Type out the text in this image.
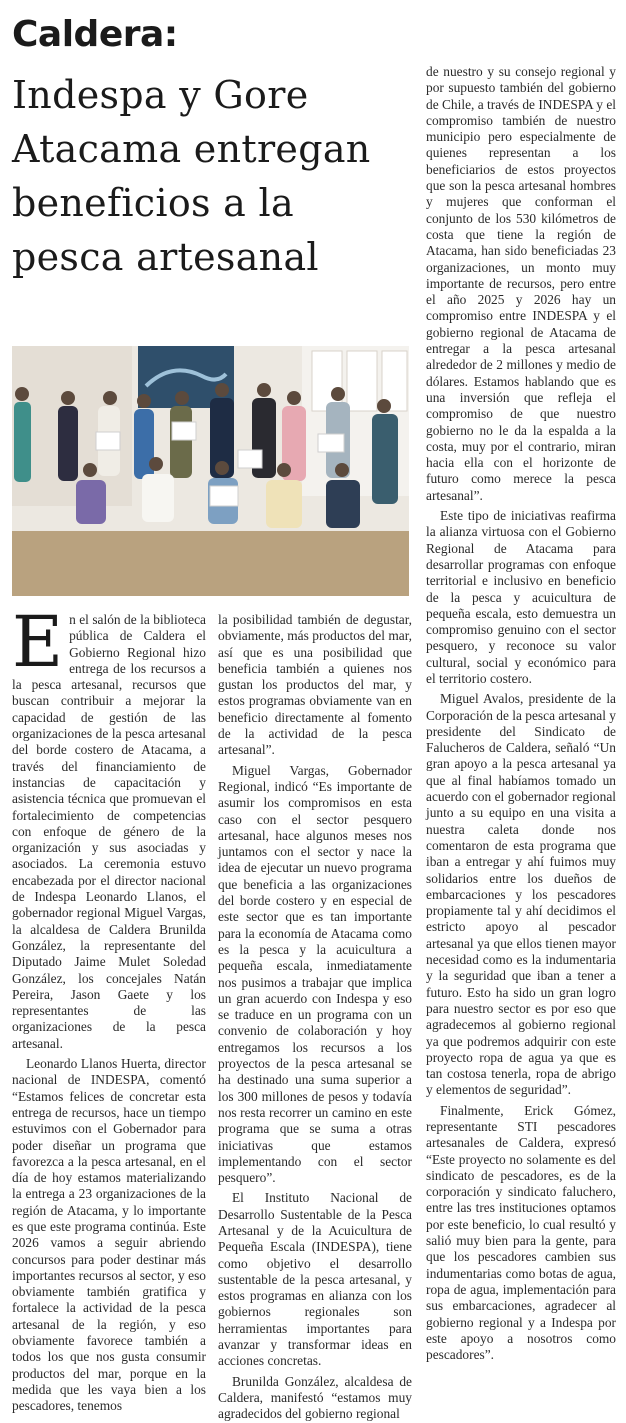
Caldera:
Indespa y Gore Atacama entregan beneficios a la pesca artesanal

de nuestro y su consejo regional y por supuesto también del gobierno de Chile, a través de INDESPA y el compromiso también de nuestro municipio pero especialmente de quienes representan a los beneficiarios de estos proyectos que son la pesca artesanal hombres y mujeres que conforman el conjunto de los 530 kilómetros de costa que tiene la región de Atacama, han sido beneficiadas 23 organizaciones, un monto muy importante de recursos, pero entre el año 2025 y 2026 hay un compromiso entre INDESPA y el gobierno regional de Atacama de entregar a la pesca artesanal alrededor de 2 millones y medio de dólares. Estamos hablando que es una inversión que refleja el compromiso de que nuestro gobierno no le da la espalda a la costa, muy por el contrario, miran hacia ella con el horizonte de futuro como merece la pesca artesanal”.

Este tipo de iniciativas reafirma la alianza virtuosa con el Gobierno Regional de Atacama para desarrollar programas con enfoque territorial e inclusivo en beneficio de la pesca y acuicultura de pequeña escala, esto demuestra un compromiso genuino con el sector pesquero, y reconoce su valor cultural, social y económico para el territorio costero.

Miguel Avalos, presidente de la Corporación de la pesca artesanal y presidente del Sindicato de Falucheros de Caldera, señaló “Un gran apoyo a la pesca artesanal ya que al final habíamos tomado un acuerdo con el gobernador regional junto a su equipo en una visita a nuestra caleta donde nos comentaron de esta programa que iban a entregar y ahí fuimos muy solidarios entre los dueños de embarcaciones y los pescadores propiamente tal y ahí decidimos el estricto apoyo al pescador artesanal ya que ellos tienen mayor necesidad como es la indumentaria y la seguridad que iban a tener a futuro. Esto ha sido un gran logro para nuestro sector es por eso que agradecemos al gobierno regional ya que podremos adquirir con este proyecto ropa de agua ya que es tan costosa tenerla, ropa de abrigo y elementos de seguridad”.

Finalmente, Erick Gómez, representante STI pescadores artesanales de Caldera, expresó “Este proyecto no solamente es del sindicato de pescadores, es de la corporación y sindicato faluchero, entre las tres instituciones optamos por este beneficio, lo cual resultó y salió muy bien para la gente, para que los pescadores cambien sus indumentarias como botas de agua, ropa de agua, implementación para sus embarcaciones, agradecer al gobierno regional y a Indespa por este apoyo a nosotros como pescadores”.

En el salón de la biblioteca pública de Caldera el Gobierno Regional hizo entrega de los recursos a la pesca artesanal, recursos que buscan contribuir a mejorar la capacidad de gestión de las organizaciones de la pesca artesanal del borde costero de Atacama, a través del financiamiento de instancias de capacitación y asistencia técnica que promuevan el fortalecimiento de competencias con enfoque de género de la organización y sus asociadas y asociados. La ceremonia estuvo encabezada por el director nacional de Indespa Leonardo Llanos, el gobernador regional Miguel Vargas, la alcaldesa de Caldera Brunilda González, la representante del Diputado Jaime Mulet Soledad González, los concejales Natán Pereira, Jason Gaete y los representantes de las organizaciones de la pesca artesanal.

Leonardo Llanos Huerta, director nacional de INDESPA, comentó “Estamos felices de concretar esta entrega de recursos, hace un tiempo estuvimos con el Gobernador para poder diseñar un programa que favorezca a la pesca artesanal, en el día de hoy estamos materializando la entrega a 23 organizaciones de la región de Atacama, y lo importante es que este programa continúa. Este 2026 vamos a seguir abriendo concursos para poder destinar más importantes recursos al sector, y eso obviamente también gratifica y fortalece la actividad de la pesca artesanal de la región, y eso obviamente favorece también a todos los que nos gusta consumir productos del mar, porque en la medida que les vaya bien a los pescadores, tenemos

la posibilidad también de degustar, obviamente, más productos del mar, así que es una posibilidad que beneficia también a quienes nos gustan los productos del mar, y estos programas obviamente van en beneficio directamente al fomento de la actividad de la pesca artesanal”.

Miguel Vargas, Gobernador Regional, indicó “Es importante de asumir los compromisos en esta caso con el sector pesquero artesanal, hace algunos meses nos juntamos con el sector y nace la idea de ejecutar un nuevo programa que beneficia a las organizaciones del borde costero y en especial de este sector que es tan importante para la economía de Atacama como es la pesca y la acuicultura a pequeña escala, inmediatamente nos pusimos a trabajar que implica un gran acuerdo con Indespa y eso se traduce en un programa con un convenio de colaboración y hoy entregamos los recursos a los proyectos de la pesca artesanal se ha destinado una suma superior a los 300 millones de pesos y todavía nos resta recorrer un camino en este programa que se suma a otras iniciativas que estamos implementando con el sector pesquero”.

El Instituto Nacional de Desarrollo Sustentable de la Pesca Artesanal y de la Acuicultura de Pequeña Escala (INDESPA), tiene como objetivo el desarrollo sustentable de la pesca artesanal, y estos programas en alianza con los gobiernos regionales son herramientas importantes para avanzar y transformar ideas en acciones concretas.

Brunilda González, alcaldesa de Caldera, manifestó “estamos muy agradecidos del gobierno regional
